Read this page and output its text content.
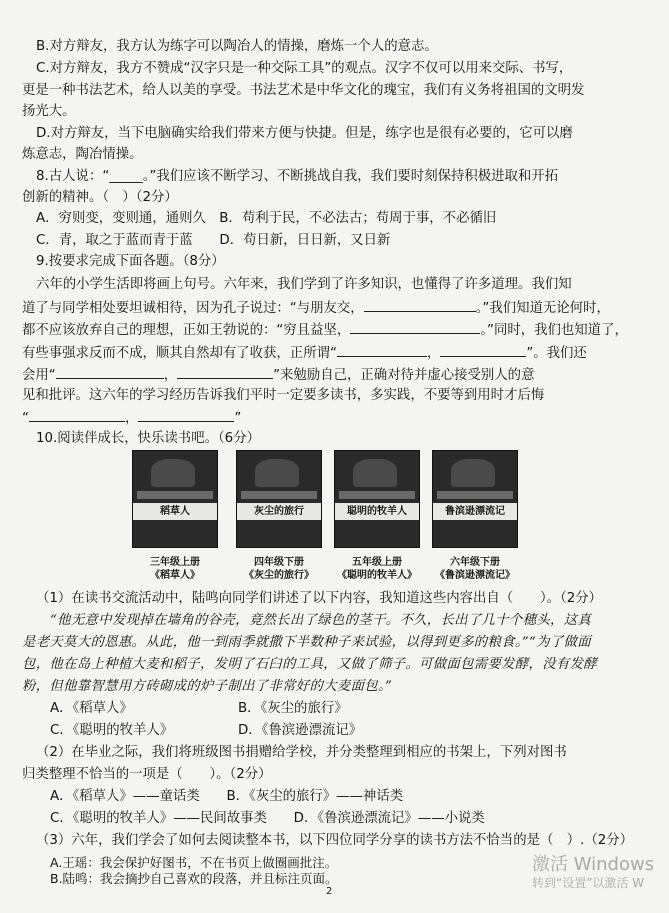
B.对方辩友，我方认为练字可以陶冶人的情操，磨炼一个人的意志。
C.对方辩友，我方不赞成“汉字只是一种交际工具”的观点。汉字不仅可以用来交际、书写，
更是一种书法艺术，给人以美的享受。书法艺术是中华文化的瑰宝，我们有义务将祖国的文明发
扬光大。
D.对方辩友，当下电脑确实给我们带来方便与快捷。但是，练字也是很有必要的，它可以磨
炼意志，陶冶情操。
8.古人说：“_____。”我们应该不断学习、不断挑战自我，我们要时刻保持积极进取和开拓
创新的精神。（　）（2分）
A．穷则变，变则通，通则久　B．苟利于民，不必法古；苟周于事，不必循旧
C．青，取之于蓝而青于蓝　　D．苟日新，日日新，又日新
9.按要求完成下面各题。（8分）
六年的小学生活即将画上句号。六年来，我们学到了许多知识，也懂得了许多道理。我们知
道了与同学相处要坦诚相待，因为孔子说过：“与朋友交，	。”我们知道无论何时，
都不应该放弃自己的理想，正如王勃说的：“穷且益坚，	。”同时，我们也知道了，
有些事强求反而不成，顺其自然却有了收获，正所谓“	，	”。我们还
会用“	，	”来勉励自己，正确对待并虚心接受别人的意
见和批评。这六年的学习经历告诉我们平时一定要多读书，多实践，不要等到用时才后悔
“	，	”
10.阅读伴成长，快乐读书吧。（6分）
稻草人
三年级上册
《稻草人》
灰尘的旅行
四年级下册
《灰尘的旅行》
聪明的牧羊人
五年级上册
《聪明的牧羊人》
鲁滨逊漂流记
六年级下册
《鲁滨逊漂流记》
（1）在读书交流活动中，陆鸣向同学们讲述了以下内容，我知道这些内容出自（　　）。（2分）
“他无意中发现掉在墙角的谷壳，竟然长出了绿色的茎干。不久，长出了几十个穗头，这真
是老天莫大的恩惠。从此，他一到雨季就撒下半数种子来试验，以得到更多的粮食。”“为了做面
包，他在岛上种植大麦和稻子，发明了石臼的工具，又做了筛子。可做面包需要发酵，没有发酵
粉，但他靠智慧用方砖砌成的炉子制出了非常好的大麦面包。”
A．《稻草人》	B．《灰尘的旅行》
C．《聪明的牧羊人》	D．《鲁滨逊漂流记》
（2）在毕业之际，我们将班级图书捐赠给学校，并分类整理到相应的书架上，下列对图书
归类整理不恰当的一项是（　　）。（2分）
A．《稻草人》——童话类　　B．《灰尘的旅行》——神话类
C．《聪明的牧羊人》——民间故事类　　D．《鲁滨逊漂流记》——小说类
（3）六年，我们学会了如何去阅读整本书，以下四位同学分享的读书方法不恰当的是（　）.（2分）
A.王瑶：我会保护好图书，不在书页上做圈画批注。
B.陆鸣：我会摘抄自己喜欢的段落，并且标注页面。
2
激活 Windows
转到“设置”以激活 W
